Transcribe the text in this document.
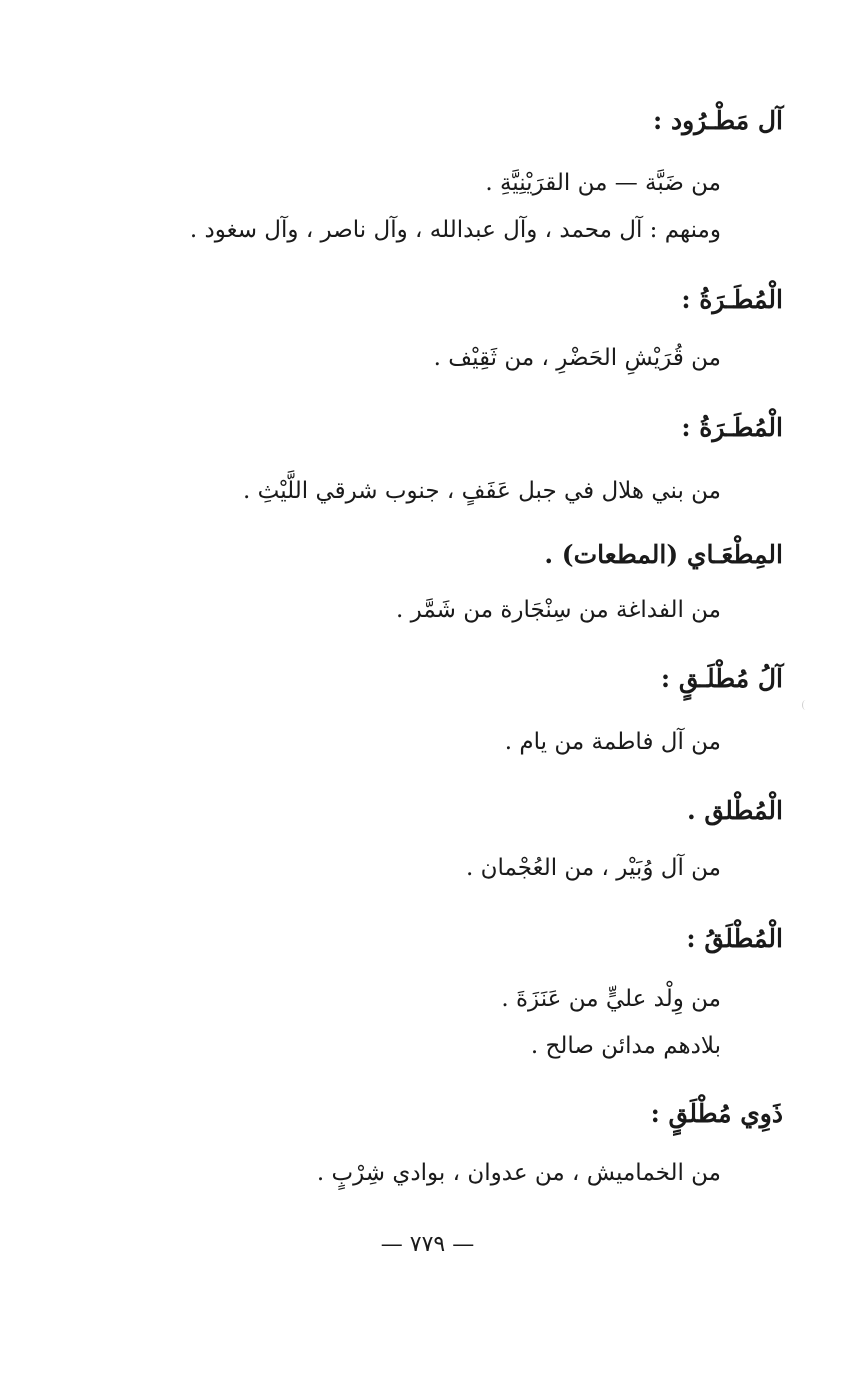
آل مَطْـرُود :
من ضَبَّة — من القرَيْنِيَّةِ .
ومنهم : آل محمد ، وآل عبدالله ، وآل ناصر ، وآل سغود .
الْمُطَـرَةُ :
من قُرَيْشِ الحَضْرِ ، من ثَقِيْف .
الْمُطَـرَةُ :
من بني هلال في جبل عَفَفٍ ، جنوب شرقي اللَّيْثِ .
المِطْعَـاي (المطعات) .
من الفداغة من سِنْجَارة من شَمَّر .
آلُ مُطْلَـقٍ :
من آل فاطمة من يام .
الْمُطْلق .
من آل وُبَيْر ، من العُجْمان .
الْمُطْلَقُ :
من وِلْد عليٍّ من عَنَزَةَ .
بلادهم مدائن صالح .
ذَوِي مُطْلَقٍ :
من الخماميش ، من عدوان ، بوادي شِرْبٍ .
— ٧٧٩ —
